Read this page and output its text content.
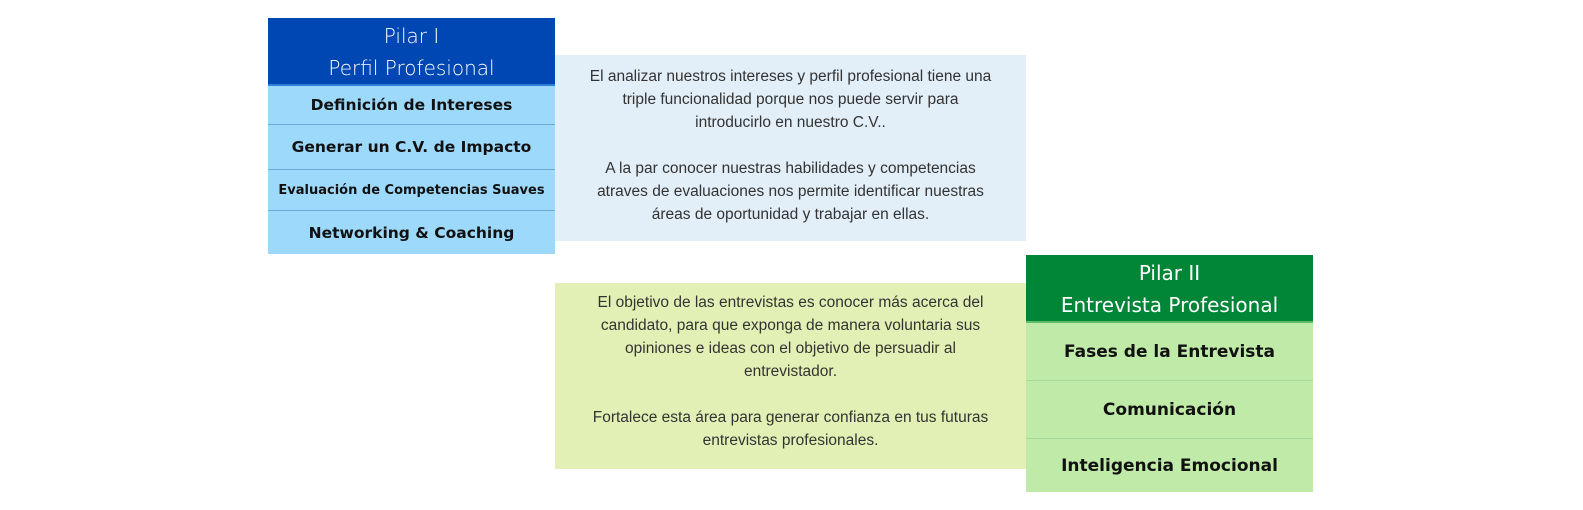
Pilar I
Perfil Profesional
Definición de Intereses
Generar un C.V. de Impacto
Evaluación de Competencias Suaves
Networking & Coaching

El analizar nuestros intereses y perfil profesional tiene una triple funcionalidad porque nos puede servir para introducirlo en nuestro C.V..

A la par conocer nuestras habilidades y competencias atraves de evaluaciones nos permite identificar nuestras áreas de oportunidad y trabajar en ellas.

El objetivo de las entrevistas es conocer más acerca del candidato, para que exponga de manera voluntaria sus opiniones e ideas con el objetivo de persuadir al entrevistador.

Fortalece esta área para generar confianza en tus futuras entrevistas profesionales.

Pilar II
Entrevista Profesional
Fases de la Entrevista
Comunicación
Inteligencia Emocional
